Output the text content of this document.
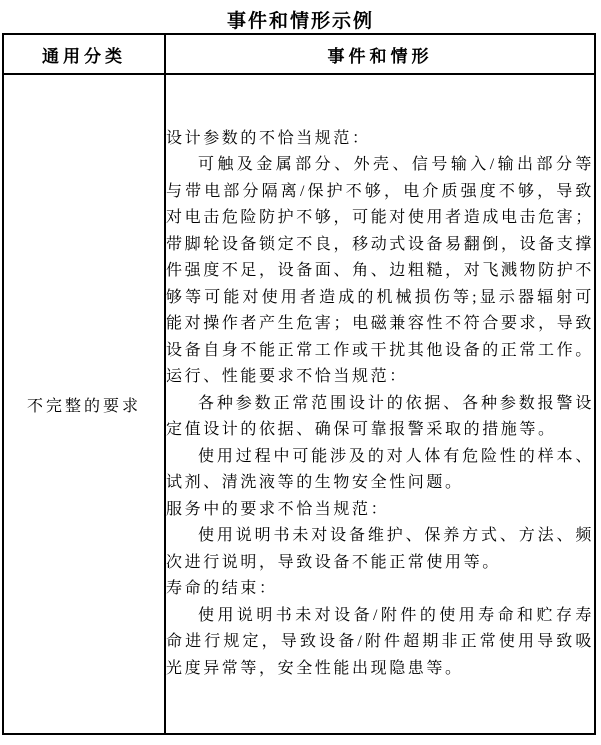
事件和情形示例
通用分类	事件和情形
不完整的要求	

设计参数的不恰当规范：

可触及金属部分、外壳、信号输入/输出部分等与带电部分隔离/保护不够，电介质强度不够，导致对电击危险防护不够，可能对使用者造成电击危害；带脚轮设备锁定不良，移动式设备易翻倒，设备支撑件强度不足，设备面、角、边粗糙，对飞溅物防护不够等可能对使用者造成的机械损伤等;显示器辐射可能对操作者产生危害；电磁兼容性不符合要求，导致设备自身不能正常工作或干扰其他设备的正常工作。

运行、性能要求不恰当规范：

各种参数正常范围设计的依据、各种参数报警设定值设计的依据、确保可靠报警采取的措施等。

使用过程中可能涉及的对人体有危险性的样本、试剂、清洗液等的生物安全性问题。

服务中的要求不恰当规范：

使用说明书未对设备维护、保养方式、方法、频次进行说明，导致设备不能正常使用等。

寿命的结束：

使用说明书未对设备/附件的使用寿命和贮存寿命进行规定，导致设备/附件超期非正常使用导致吸光度异常等，安全性能出现隐患等。
